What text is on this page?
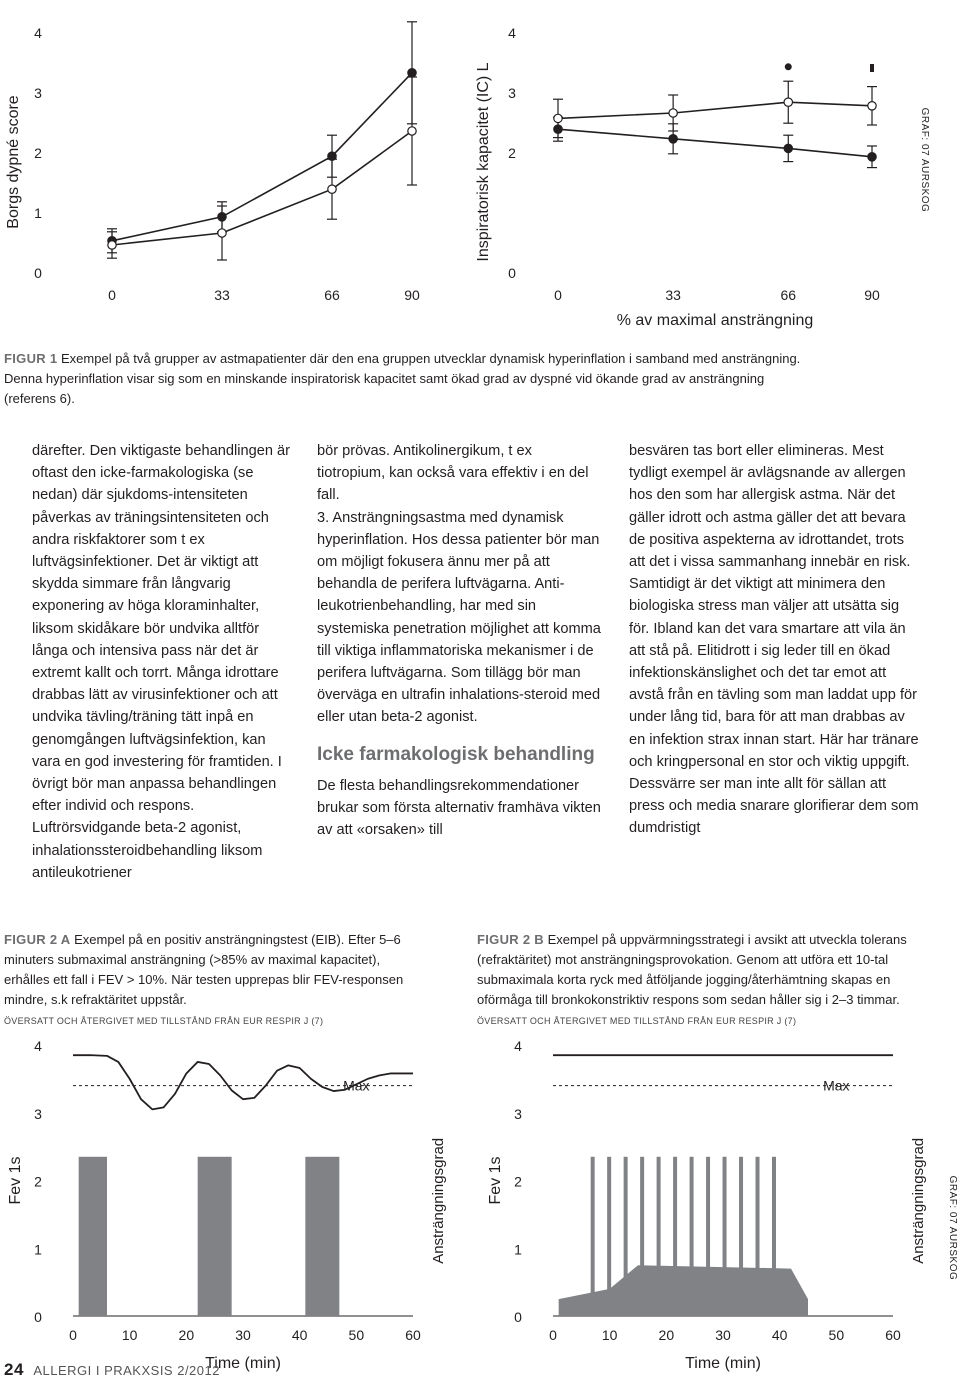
Borgs dypné score
0
1
2
3
4
0	33	66	90
Inspiratorisk kapacitet (IC) L
0
2
3
4
0	33	66	90
% av maximal ansträngning
GRAF: 07 AURSKOG
FIGUR 1 Exempel på två grupper av astmapatienter där den ena gruppen utvecklar dynamisk hyperinflation i samband med ansträngning. Denna hyperinflation visar sig som en minskande inspiratorisk kapacitet samt ökad grad av dyspné vid ökande grad av ansträngning (referens 6).

därefter. Den viktigaste behandlingen är oftast den icke-farmakologiska (se nedan) där sjukdoms-intensiteten påverkas av träningsintensiteten och andra riskfaktorer som t ex luftvägsinfektioner. Det är viktigt att skydda simmare från långvarig exponering av höga kloraminhalter, liksom skidåkare bör undvika alltför långa och intensiva pass när det är extremt kallt och torrt. Många idrottare drabbas lätt av virusinfektioner och att undvika tävling/träning tätt inpå en genomgången luftvägsinfektion, kan vara en god investering för framtiden. I övrigt bör man anpassa behandlingen efter individ och respons. Luftrörsvidgande beta-2 agonist, inhalationssteroidbehandling liksom antileukotriener

bör prövas. Antikolinergikum, t ex tiotropium, kan också vara effektiv i en del fall.

3. Ansträngningsastma med dynamisk hyperinflation. Hos dessa patienter bör man om möjligt fokusera ännu mer på att behandla de perifera luftvägarna. Anti-leukotrienbehandling, har med sin systemiska penetration möjlighet att komma till viktiga inflammatoriska mekanismer i de perifera luftvägarna. Som tillägg bör man överväga en ultrafin inhalations-steroid med eller utan beta-2 agonist.

Icke farmakologisk behandling

De flesta behandlingsrekommendationer brukar som första alternativ framhäva vikten av att «orsaken» till

besvären tas bort eller elimineras. Mest tydligt exempel är avlägsnande av allergen hos den som har allergisk astma. När det gäller idrott och astma gäller det att bevara de positiva aspekterna av idrottandet, trots att det i vissa sammanhang innebär en risk. Samtidigt är det viktigt att minimera den biologiska stress man väljer att utsätta sig för. Ibland kan det vara smartare att vila än att stå på. Elitidrott i sig leder till en ökad infektionskänslighet och det tar emot att avstå från en tävling som man laddat upp för under lång tid, bara för att man drabbas av en infektion strax innan start. Här har tränare och kringpersonal en stor och viktig uppgift. Dessvärre ser man inte allt för sällan att press och media snarare glorifierar dem som dumdristigt

FIGUR 2 A Exempel på en positiv ansträngningstest (EIB). Efter 5–6 minuters submaximal ansträngning (>85% av maximal kapacitet), erhålles ett fall i FEV > 10%. När testen upprepas blir FEV-responsen mindre, s.k refraktäritet uppstår.
ÖVERSATT OCH ÅTERGIVET MED TILLSTÅND FRÅN EUR RESPIR J (7)
FIGUR 2 B Exempel på uppvärmningsstrategi i avsikt att utveckla tolerans (refraktäritet) mot ansträngningsprovokation. Genom att utföra ett 10-tal submaximala korta ryck med åtföljande jogging/återhämtning skapas en oförmåga till bronkokonstriktiv respons som sedan håller sig i 2–3 timmar. ÖVERSATT OCH ÅTERGIVET MED TILLSTÅND FRÅN EUR RESPIR J (7)
0
1
2
3
4
0	10	20	30	40	50	60
Time (min)
Fev 1s	Ansträngningsgrad
Max
0
1
2
3
4
0	10	20	30	40	50	60
Time (min)
Fev 1s	Ansträngningsgrad GRAF: 07 AURSKOG
Max
24 ALLERGI I PRAKXSIS 2/2012
